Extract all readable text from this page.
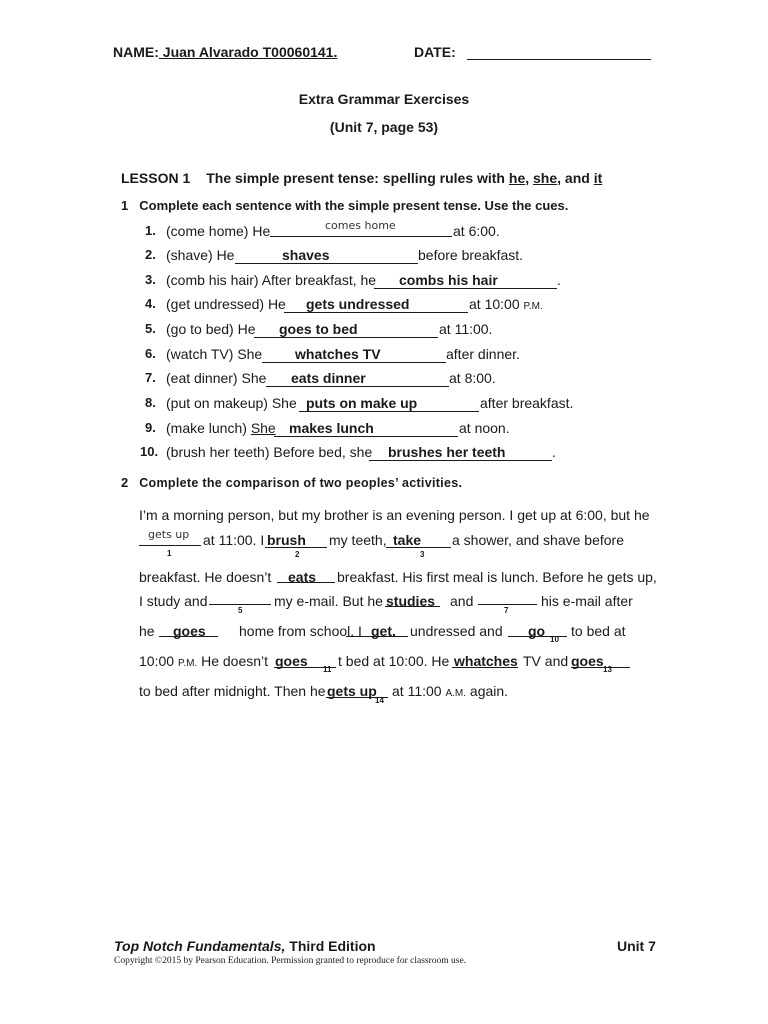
NAME: Juan Alvarado T00060141.	DATE:
Extra Grammar Exercises
(Unit 7, page 53)
LESSON 1 The simple present tense: spelling rules with he, she, and it
1 Complete each sentence with the simple present tense. Use the cues.
1. (come home) He	comes home	at 6:00.
2. (shave) He	shaves	before breakfast.
3. (comb his hair) After breakfast, he combs his hair	.
4. (get undressed) He gets undressed	at 10:00 P.M.
5. (go to bed) He goes to bed	at 11:00.
6. (watch TV) She whatches TV	after dinner.
7. (eat dinner) She eats dinner	at 8:00.
8. (put on makeup) She puts on make up	after breakfast.
9. (make lunch) She makes lunch	at noon.
10. (brush her teeth) Before bed, she brushes her teeth	.
2 Complete the comparison of two peoples’ activities.
I’m a morning person, but my brother is an evening person. I get up at 6:00, but he
gets up
1
at 11:00. I brush
2
my teeth, take
3
a shower, and shave before
breakfast. He doesn’t eats breakfast. His first meal is lunch. Before he gets up,
I study and
5
my e-mail. But he studies and
7
his e-mail after
he goes home from school. I get. undressed and go
10
to bed at
10:00 P.M. He doesn’t goes
11
t bed at 10:00. He whatches TV and goes
13
to bed after midnight. Then he gets up
14
at 11:00 A.M. again.
Top Notch Fundamentals, Third Edition	Unit 7
Copyright ©2015 by Pearson Education. Permission granted to reproduce for classroom use.
